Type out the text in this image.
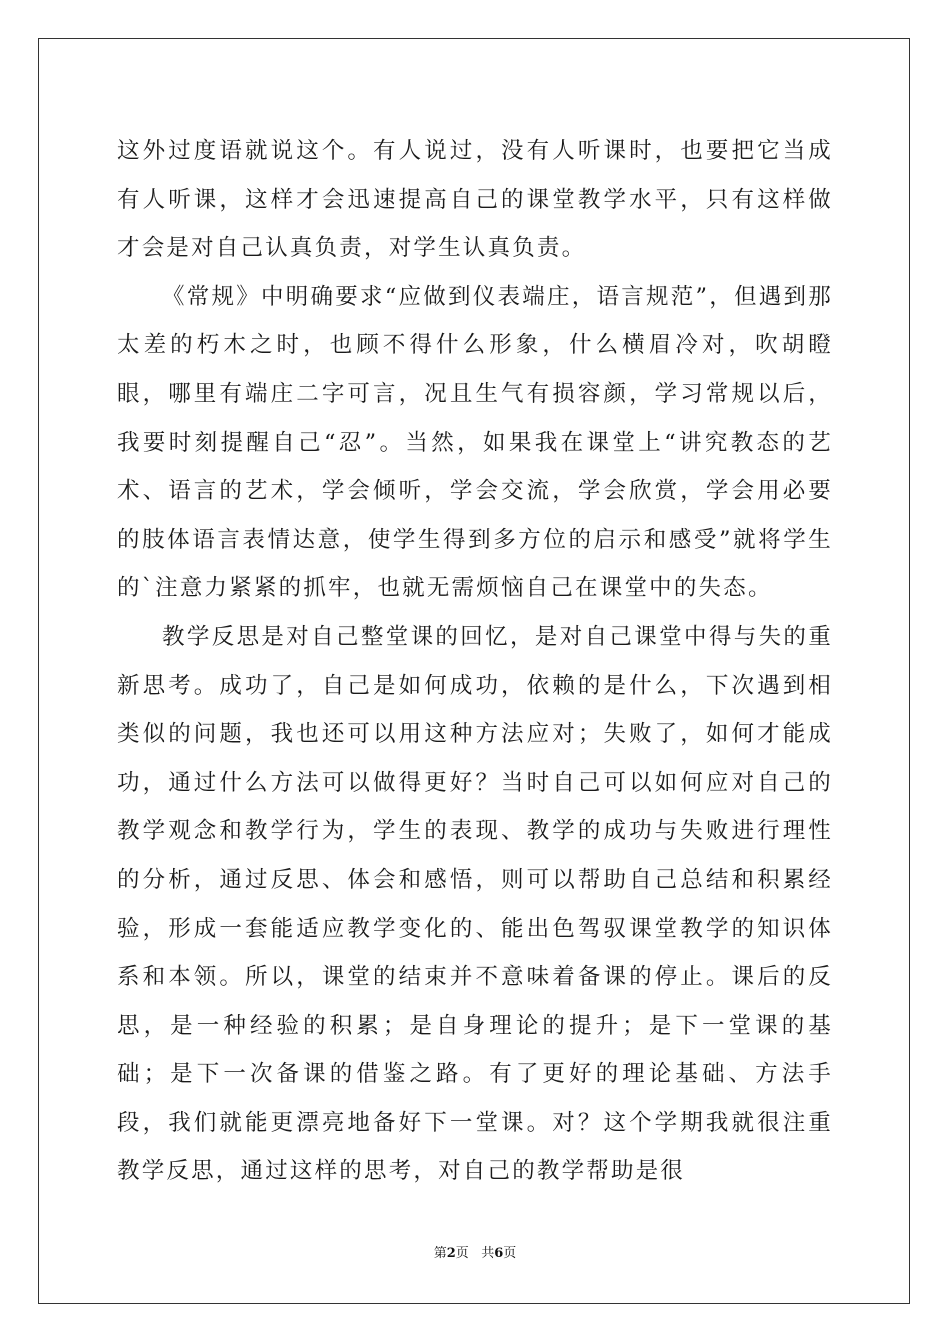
这外过度语就说这个。有人说过，没有人听课时，也要把它当成有人听课，这样才会迅速提高自己的课堂教学水平，只有这样做才会是对自己认真负责，对学生认真负责。

《常规》中明确要求“应做到仪表端庄，语言规范”，但遇到那太差的朽木之时，也顾不得什么形象，什么横眉冷对，吹胡瞪眼，哪里有端庄二字可言，况且生气有损容颜，学习常规以后，我要时刻提醒自己“忍”。当然，如果我在课堂上“讲究教态的艺术、语言的艺术，学会倾听，学会交流，学会欣赏，学会用必要的肢体语言表情达意，使学生得到多方位的启示和感受”就将学生的`注意力紧紧的抓牢，也就无需烦恼自己在课堂中的失态。

教学反思是对自己整堂课的回忆，是对自己课堂中得与失的重新思考。成功了，自己是如何成功，依赖的是什么，下次遇到相类似的问题，我也还可以用这种方法应对；失败了，如何才能成功，通过什么方法可以做得更好？当时自己可以如何应对自己的教学观念和教学行为，学生的表现、教学的成功与失败进行理性的分析，通过反思、体会和感悟，则可以帮助自己总结和积累经验，形成一套能适应教学变化的、能出色驾驭课堂教学的知识体系和本领。所以，课堂的结束并不意味着备课的停止。课后的反思，是一种经验的积累；是自身理论的提升；是下一堂课的基础；是下一次备课的借鉴之路。有了更好的理论基础、方法手段，我们就能更漂亮地备好下一堂课。对？这个学期我就很注重教学反思，通过这样的思考，对自己的教学帮助是很

第2页 共6页
